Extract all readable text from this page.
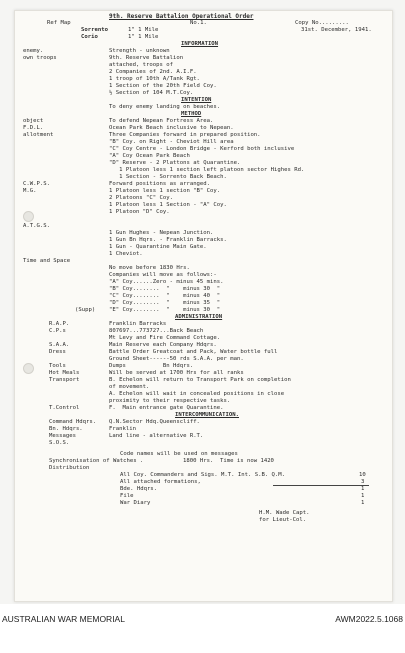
9th. Reserve Battalion Operational Order
No.1.	Copy No.........
31st. December, 1941.
Ref Map
Sorrento	1" 1 Mile
Corio	1" 1 Mile
INFORMATION
enemy.	Strength - unknown
own troops	9th. Reserve Battalion
attached, troops of
2 Companies of 2nd. A.I.F.
1 troop of 10th A/Tank Rgt.
1 Section of the 20th Field Coy.
½ Section of 104 M.T.Coy.
INTENTION
To deny enemy landing on beaches.
METHOD
object	To defend Nepean Fortress Area.
F.D.L.	Ocean Park Beach inclusive to Nepean.
allotment	Three Companies forward in prepared position.
"B" Coy. on Right - Cheviot Hill area
"C" Coy Centre - London Bridge - Kerford both inclusive
"A" Coy Ocean Park Beach
"D" Reserve - 2 Plattons at Quarantine.
1 Platoon less 1 section left platoon sector Highes Rd.
1 Section - Sorrento Back Beach.
C.W.P.S.	Forward positions as arranged.
M.G.	1 Platoon less 1 section "B" Coy.
2 Platoons "C" Coy.
1 Platoon less 1 Section - "A" Coy.
1 Platoon "D" Coy.
A.T.G.S.
1 Gun Hughes - Nepean Junction.
1 Gun Bn Hqrs. - Franklin Barracks.
1 Gun - Quarantine Main Gate.
1 Cheviot.
Time and Space
No move before 1830 Hrs.
Companies will move as follows:-
"A" Coy......Zero - minus 45 mins.
"B" Coy........  "    minus 30  "
"C" Coy........  "    minus 40  "
"D" Coy........  "    minus 35  "
(Supp) "E" Coy........  "    minus 30  "
ADMINISTRATION
R.A.P.	Franklin Barracks
C.P.s	807697...773727...Back Beach
Mt Levy and Fire Command Cottage.
S.A.A.	Main Reserve each Company Hdqrs.
Dress	Battle Order Greatcoat and Pack, Water bottle full
Ground Sheet------50 rds S.A.A. per man.
Tools	Dumps           Bn Hdqrs.
Hot Meals	Will be served at 1700 Hrs for all ranks
Transport	B. Echelon will return to Transport Park on completion
of movement.
A. Echelon will wait in concealed positions in close
proximity to their respective tasks.
T.Control	F.  Main entrance gate Quarantine.
INTERCOMMUNICATION.
Command Hdqrs. Q.N.Sector Hdq.Queenscliff.
Bn. Hdqrs.	Franklin
Messages	Land line - alternative R.T.
S.O.S.
Code names will be used on messages
Synchronisation of Watches .	1800 Hrs.  Time is now 1420
Distribution
All Coy. Commanders and Sigs. M.T. Int. S.B. Q.M.	10
All attached formations,	3
Bde. Hdqrs.	1
File	1
War Diary	1
H.M. Wade Capt.
for Lieut-Col.
AUSTRALIAN WAR MEMORIAL	AWM2022.5.1068
